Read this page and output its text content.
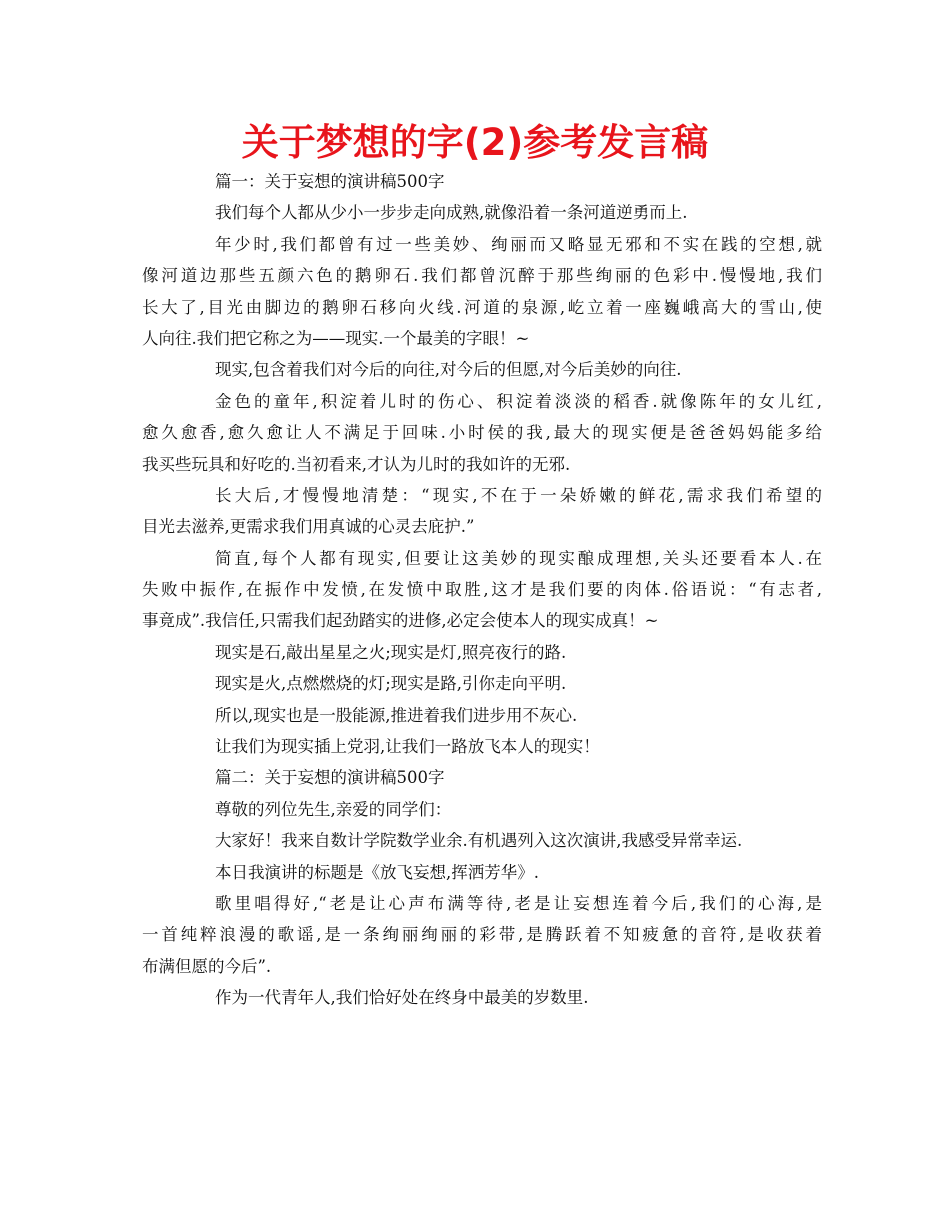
关于梦想的字(2)参考发言稿
篇一：关于妄想的演讲稿500字
我们每个人都从少小一步步走向成熟,就像沿着一条河道逆勇而上.
年少时,我们都曾有过一些美妙、绚丽而又略显无邪和不实在践的空想,就
像河道边那些五颜六色的鹅卵石.我们都曾沉醉于那些绚丽的色彩中.慢慢地,我们
长大了,目光由脚边的鹅卵石移向火线.河道的泉源,屹立着一座巍峨高大的雪山,使
人向往.我们把它称之为——现实.一个最美的字眼！~
现实,包含着我们对今后的向往,对今后的但愿,对今后美妙的向往.
金色的童年,积淀着儿时的伤心、积淀着淡淡的稻香.就像陈年的女儿红,
愈久愈香,愈久愈让人不满足于回味.小时侯的我,最大的现实便是爸爸妈妈能多给
我买些玩具和好吃的.当初看来,才认为儿时的我如许的无邪.
长大后,才慢慢地清楚：“现实,不在于一朵娇嫩的鲜花,需求我们希望的
目光去滋养,更需求我们用真诚的心灵去庇护.”
简直,每个人都有现实,但要让这美妙的现实酿成理想,关头还要看本人.在
失败中振作,在振作中发愤,在发愤中取胜,这才是我们要的肉体.俗语说：“有志者,
事竟成”.我信任,只需我们起劲踏实的进修,必定会使本人的现实成真！~
现实是石,敲出星星之火;现实是灯,照亮夜行的路.
现实是火,点燃燃烧的灯;现实是路,引你走向平明.
所以,现实也是一股能源,推进着我们进步用不灰心.
让我们为现实插上党羽,让我们一路放飞本人的现实！
篇二：关于妄想的演讲稿500字
尊敬的列位先生,亲爱的同学们：
大家好！我来自数计学院数学业余.有机遇列入这次演讲,我感受异常幸运.
本日我演讲的标题是《放飞妄想,挥洒芳华》.
歌里唱得好,“老是让心声布满等待,老是让妄想连着今后,我们的心海,是
一首纯粹浪漫的歌谣,是一条绚丽绚丽的彩带,是腾跃着不知疲惫的音符,是收获着
布满但愿的今后”.
作为一代青年人,我们恰好处在终身中最美的岁数里.
